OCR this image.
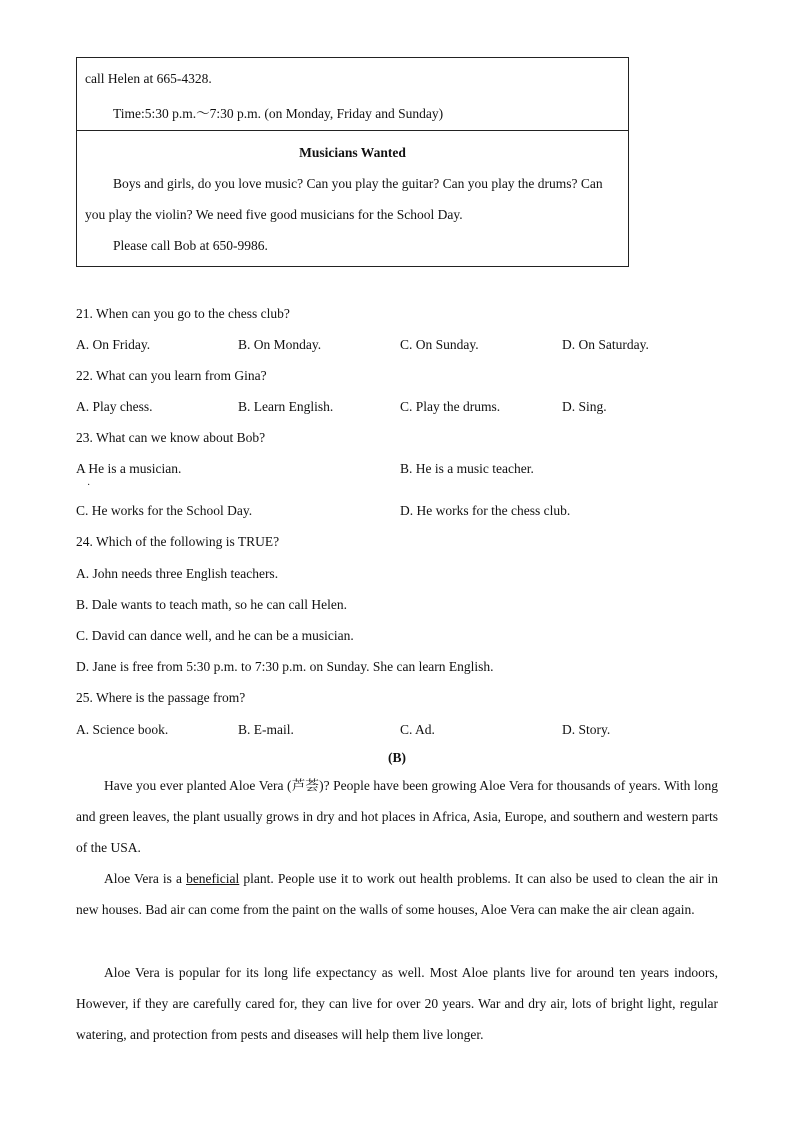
call Helen at 665-4328.
Time:5:30 p.m.～7:30 p.m. (on Monday, Friday and Sunday)
Musicians Wanted
Boys and girls, do you love music? Can you play the guitar? Can you play the drums? Can
you play the violin? We need five good musicians for the School Day.
Please call Bob at 650-9986.
21. When can you go to the chess club?
A. On Friday.	B. On Monday.	C. On Sunday.	D. On Saturday.
22. What can you learn from Gina?
A. Play chess.	B. Learn English.	C. Play the drums.	D. Sing.
23. What can we know about Bob?
A He is a musician.
·
B. He is a music teacher.
C. He works for the School Day.	D. He works for the chess club.
24. Which of the following is TRUE?
A. John needs three English teachers.
B. Dale wants to teach math, so he can call Helen.
C. David can dance well, and he can be a musician.
D. Jane is free from 5:30 p.m. to 7:30 p.m. on Sunday. She can learn English.
25. Where is the passage from?
A. Science book.	B. E-mail.	C. Ad.	D. Story.
(B)
Have you ever planted Aloe Vera (芦荟)? People have been growing Aloe Vera for thousands of years. With long and green leaves, the plant usually grows in dry and hot places in Africa, Asia, Europe, and southern and western parts of the USA.
Aloe Vera is a beneficial plant. People use it to work out health problems. It can also be used to clean the air in new houses. Bad air can come from the paint on the walls of some houses, Aloe Vera can make the air clean again.
Aloe Vera is popular for its long life expectancy as well. Most Aloe plants live for around ten years indoors, However, if they are carefully cared for, they can live for over 20 years. War and dry air, lots of bright light, regular watering, and protection from pests and diseases will help them live longer.
